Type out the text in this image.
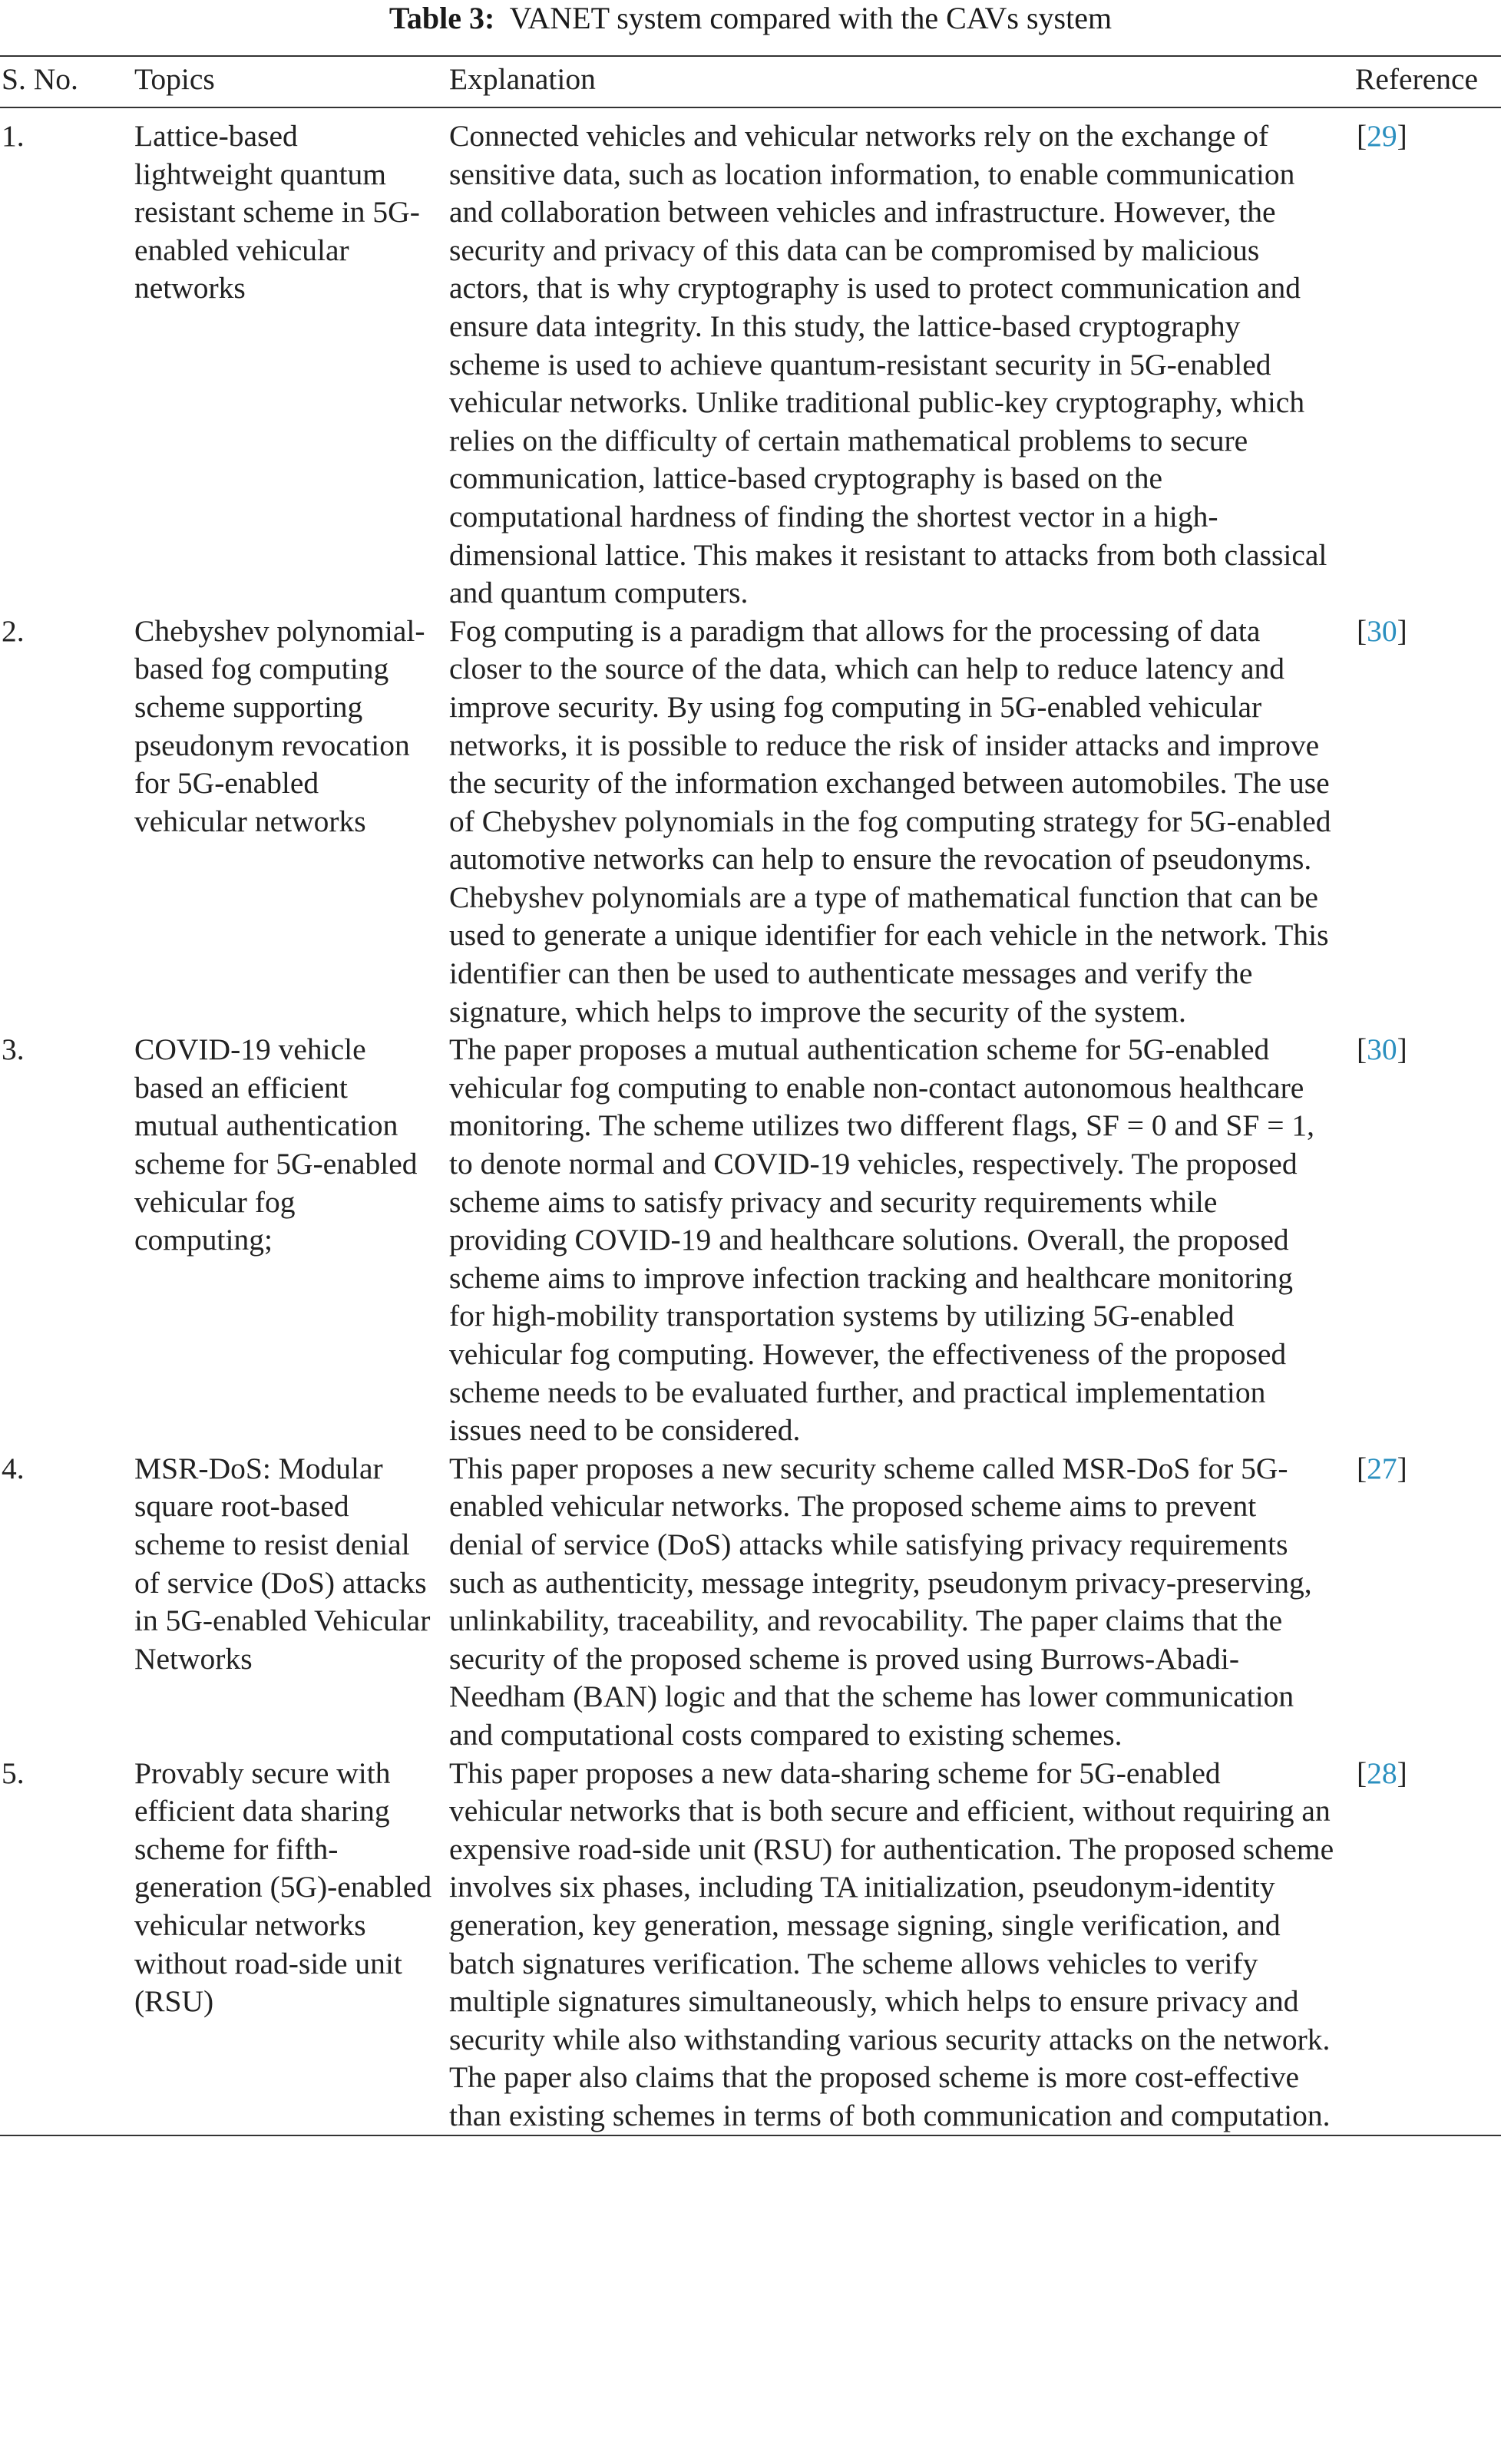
Table 3: VANET system compared with the CAVs system
S. No.	Topics	Explanation	Reference
1.	Lattice-based lightweight quantum resistant scheme in 5G-enabled vehicular networks	Connected vehicles and vehicular networks rely on the exchange of sensitive data, such as location information, to enable communication and collaboration between vehicles and infrastructure. However, the security and privacy of this data can be compromised by malicious actors, that is why cryptography is used to protect communication and ensure data integrity. In this study, the lattice-based cryptography scheme is used to achieve quantum-resistant security in 5G-enabled vehicular networks. Unlike traditional public-key cryptography, which relies on the difficulty of certain mathematical problems to secure communication, lattice-based cryptography is based on the computational hardness of finding the shortest vector in a high-dimensional lattice. This makes it resistant to attacks from both classical and quantum computers.	[29]
2.	Chebyshev polynomial-based fog computing scheme supporting pseudonym revocation for 5G-enabled vehicular networks	Fog computing is a paradigm that allows for the processing of data closer to the source of the data, which can help to reduce latency and improve security. By using fog computing in 5G-enabled vehicular networks, it is possible to reduce the risk of insider attacks and improve the security of the information exchanged between automobiles. The use of Chebyshev polynomials in the fog computing strategy for 5G-enabled automotive networks can help to ensure the revocation of pseudonyms. Chebyshev polynomials are a type of mathematical function that can be used to generate a unique identifier for each vehicle in the network. This identifier can then be used to authenticate messages and verify the signature, which helps to improve the security of the system.	[30]
3.	COVID-19 vehicle based an efficient mutual authentication scheme for 5G-enabled vehicular fog computing;	The paper proposes a mutual authentication scheme for 5G-enabled vehicular fog computing to enable non-contact autonomous healthcare monitoring. The scheme utilizes two different flags, SF = 0 and SF = 1, to denote normal and COVID-19 vehicles, respectively. The proposed scheme aims to satisfy privacy and security requirements while providing COVID-19 and healthcare solutions. Overall, the proposed scheme aims to improve infection tracking and healthcare monitoring for high-mobility transportation systems by utilizing 5G-enabled vehicular fog computing. However, the effectiveness of the proposed scheme needs to be evaluated further, and practical implementation issues need to be considered.	[30]
4.	MSR-DoS: Modular square root-based scheme to resist denial of service (DoS) attacks in 5G-enabled Vehicular Networks	This paper proposes a new security scheme called MSR-DoS for 5G-enabled vehicular networks. The proposed scheme aims to prevent denial of service (DoS) attacks while satisfying privacy requirements such as authenticity, message integrity, pseudonym privacy-preserving, unlinkability, traceability, and revocability. The paper claims that the security of the proposed scheme is proved using Burrows-Abadi-Needham (BAN) logic and that the scheme has lower communication and computational costs compared to existing schemes.	[27]
5.	Provably secure with efficient data sharing scheme for fifth-generation (5G)-enabled vehicular networks without road-side unit (RSU)	This paper proposes a new data-sharing scheme for 5G-enabled vehicular networks that is both secure and efficient, without requiring an expensive road-side unit (RSU) for authentication. The proposed scheme involves six phases, including TA initialization, pseudonym-identity generation, key generation, message signing, single verification, and batch signatures verification. The scheme allows vehicles to verify multiple signatures simultaneously, which helps to ensure privacy and security while also withstanding various security attacks on the network. The paper also claims that the proposed scheme is more cost-effective than existing schemes in terms of both communication and computation.	[28]
